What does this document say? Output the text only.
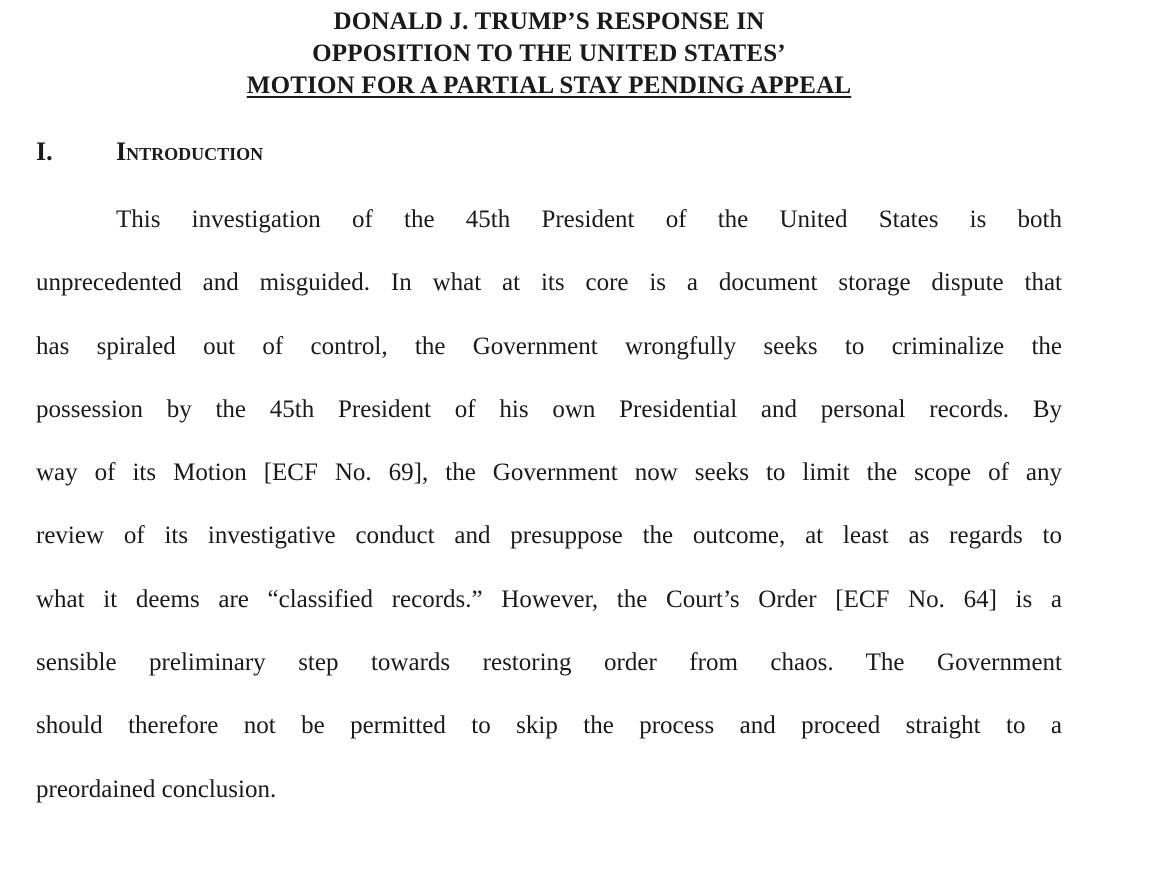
DONALD J. TRUMP’S RESPONSE IN
OPPOSITION TO THE UNITED STATES’
MOTION FOR A PARTIAL STAY PENDING APPEAL
I. Introduction
This investigation of the 45th President of the United States is both
unprecedented and misguided. In what at its core is a document storage dispute that
has spiraled out of control, the Government wrongfully seeks to criminalize the
possession by the 45th President of his own Presidential and personal records. By
way of its Motion [ECF No. 69], the Government now seeks to limit the scope of any
review of its investigative conduct and presuppose the outcome, at least as regards to
what it deems are “classified records.” However, the Court’s Order [ECF No. 64] is a
sensible preliminary step towards restoring order from chaos. The Government
should therefore not be permitted to skip the process and proceed straight to a
preordained conclusion.
